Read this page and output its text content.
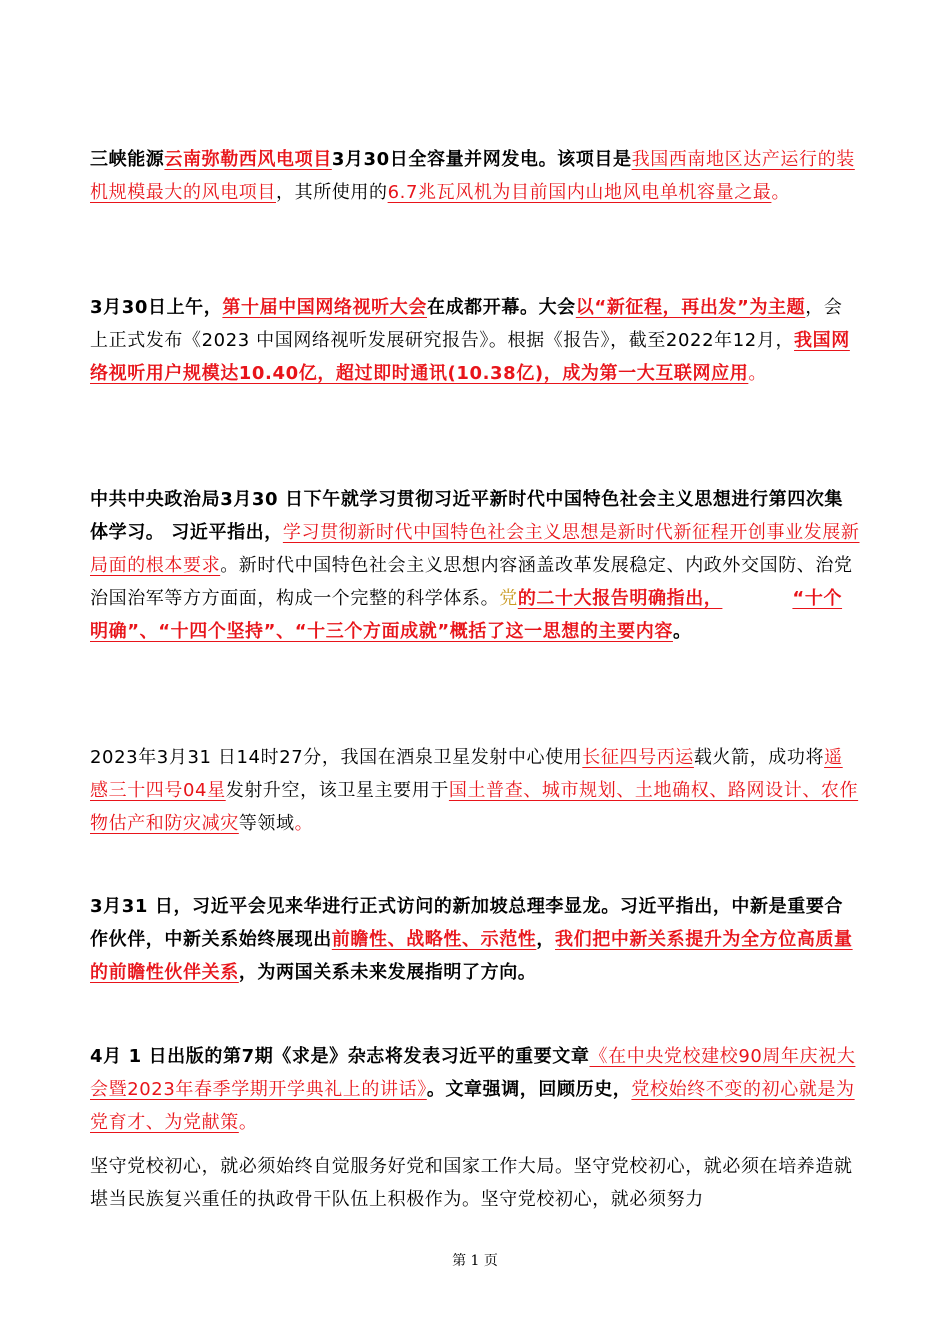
三峡能源云南弥勒西风电项目3月30日全容量并网发电。该项目是我国西南地区达产运行的装机规模最大的风电项目，其所使用的6.7兆瓦风机为目前国内山地风电单机容量之最。

3月30日上午，第十届中国网络视听大会在成都开幕。大会以“新征程，再出发”为主题，会上正式发布《2023 中国网络视听发展研究报告》。根据《报告》，截至2022年12月，我国网络视听用户规模达10.40亿，超过即时通讯(10.38亿)，成为第一大互联网应用。

中共中央政治局3月30 日下午就学习贯彻习近平新时代中国特色社会主义思想进行第四次集体学习。 习近平指出，学习贯彻新时代中国特色社会主义思想是新时代新征程开创事业发展新局面的根本要求。新时代中国特色社会主义思想内容涵盖改革发展稳定、内政外交国防、治党治国治军等方方面面，构成一个完整的科学体系。党的二十大报告明确指出，	“十个明确”、“十四个坚持”、“十三个方面成就”概括了这一思想的主要内容。

2023年3月31 日14时27分，我国在酒泉卫星发射中心使用长征四号丙运载火箭，成功将遥感三十四号04星发射升空，该卫星主要用于国土普查、城市规划、土地确权、路网设计、农作物估产和防灾减灾等领域。

3月31 日，习近平会见来华进行正式访问的新加坡总理李显龙。习近平指出，中新是重要合作伙伴，中新关系始终展现出前瞻性、战略性、示范性，我们把中新关系提升为全方位高质量的前瞻性伙伴关系，为两国关系未来发展指明了方向。

4月 1 日出版的第7期《求是》杂志将发表习近平的重要文章《在中央党校建校90周年庆祝大会暨2023年春季学期开学典礼上的讲话》。文章强调，回顾历史，党校始终不变的初心就是为党育才、为党献策。

坚守党校初心，就必须始终自觉服务好党和国家工作大局。坚守党校初心，就必须在培养造就堪当民族复兴重任的执政骨干队伍上积极作为。坚守党校初心，就必须努力

第 1 页
